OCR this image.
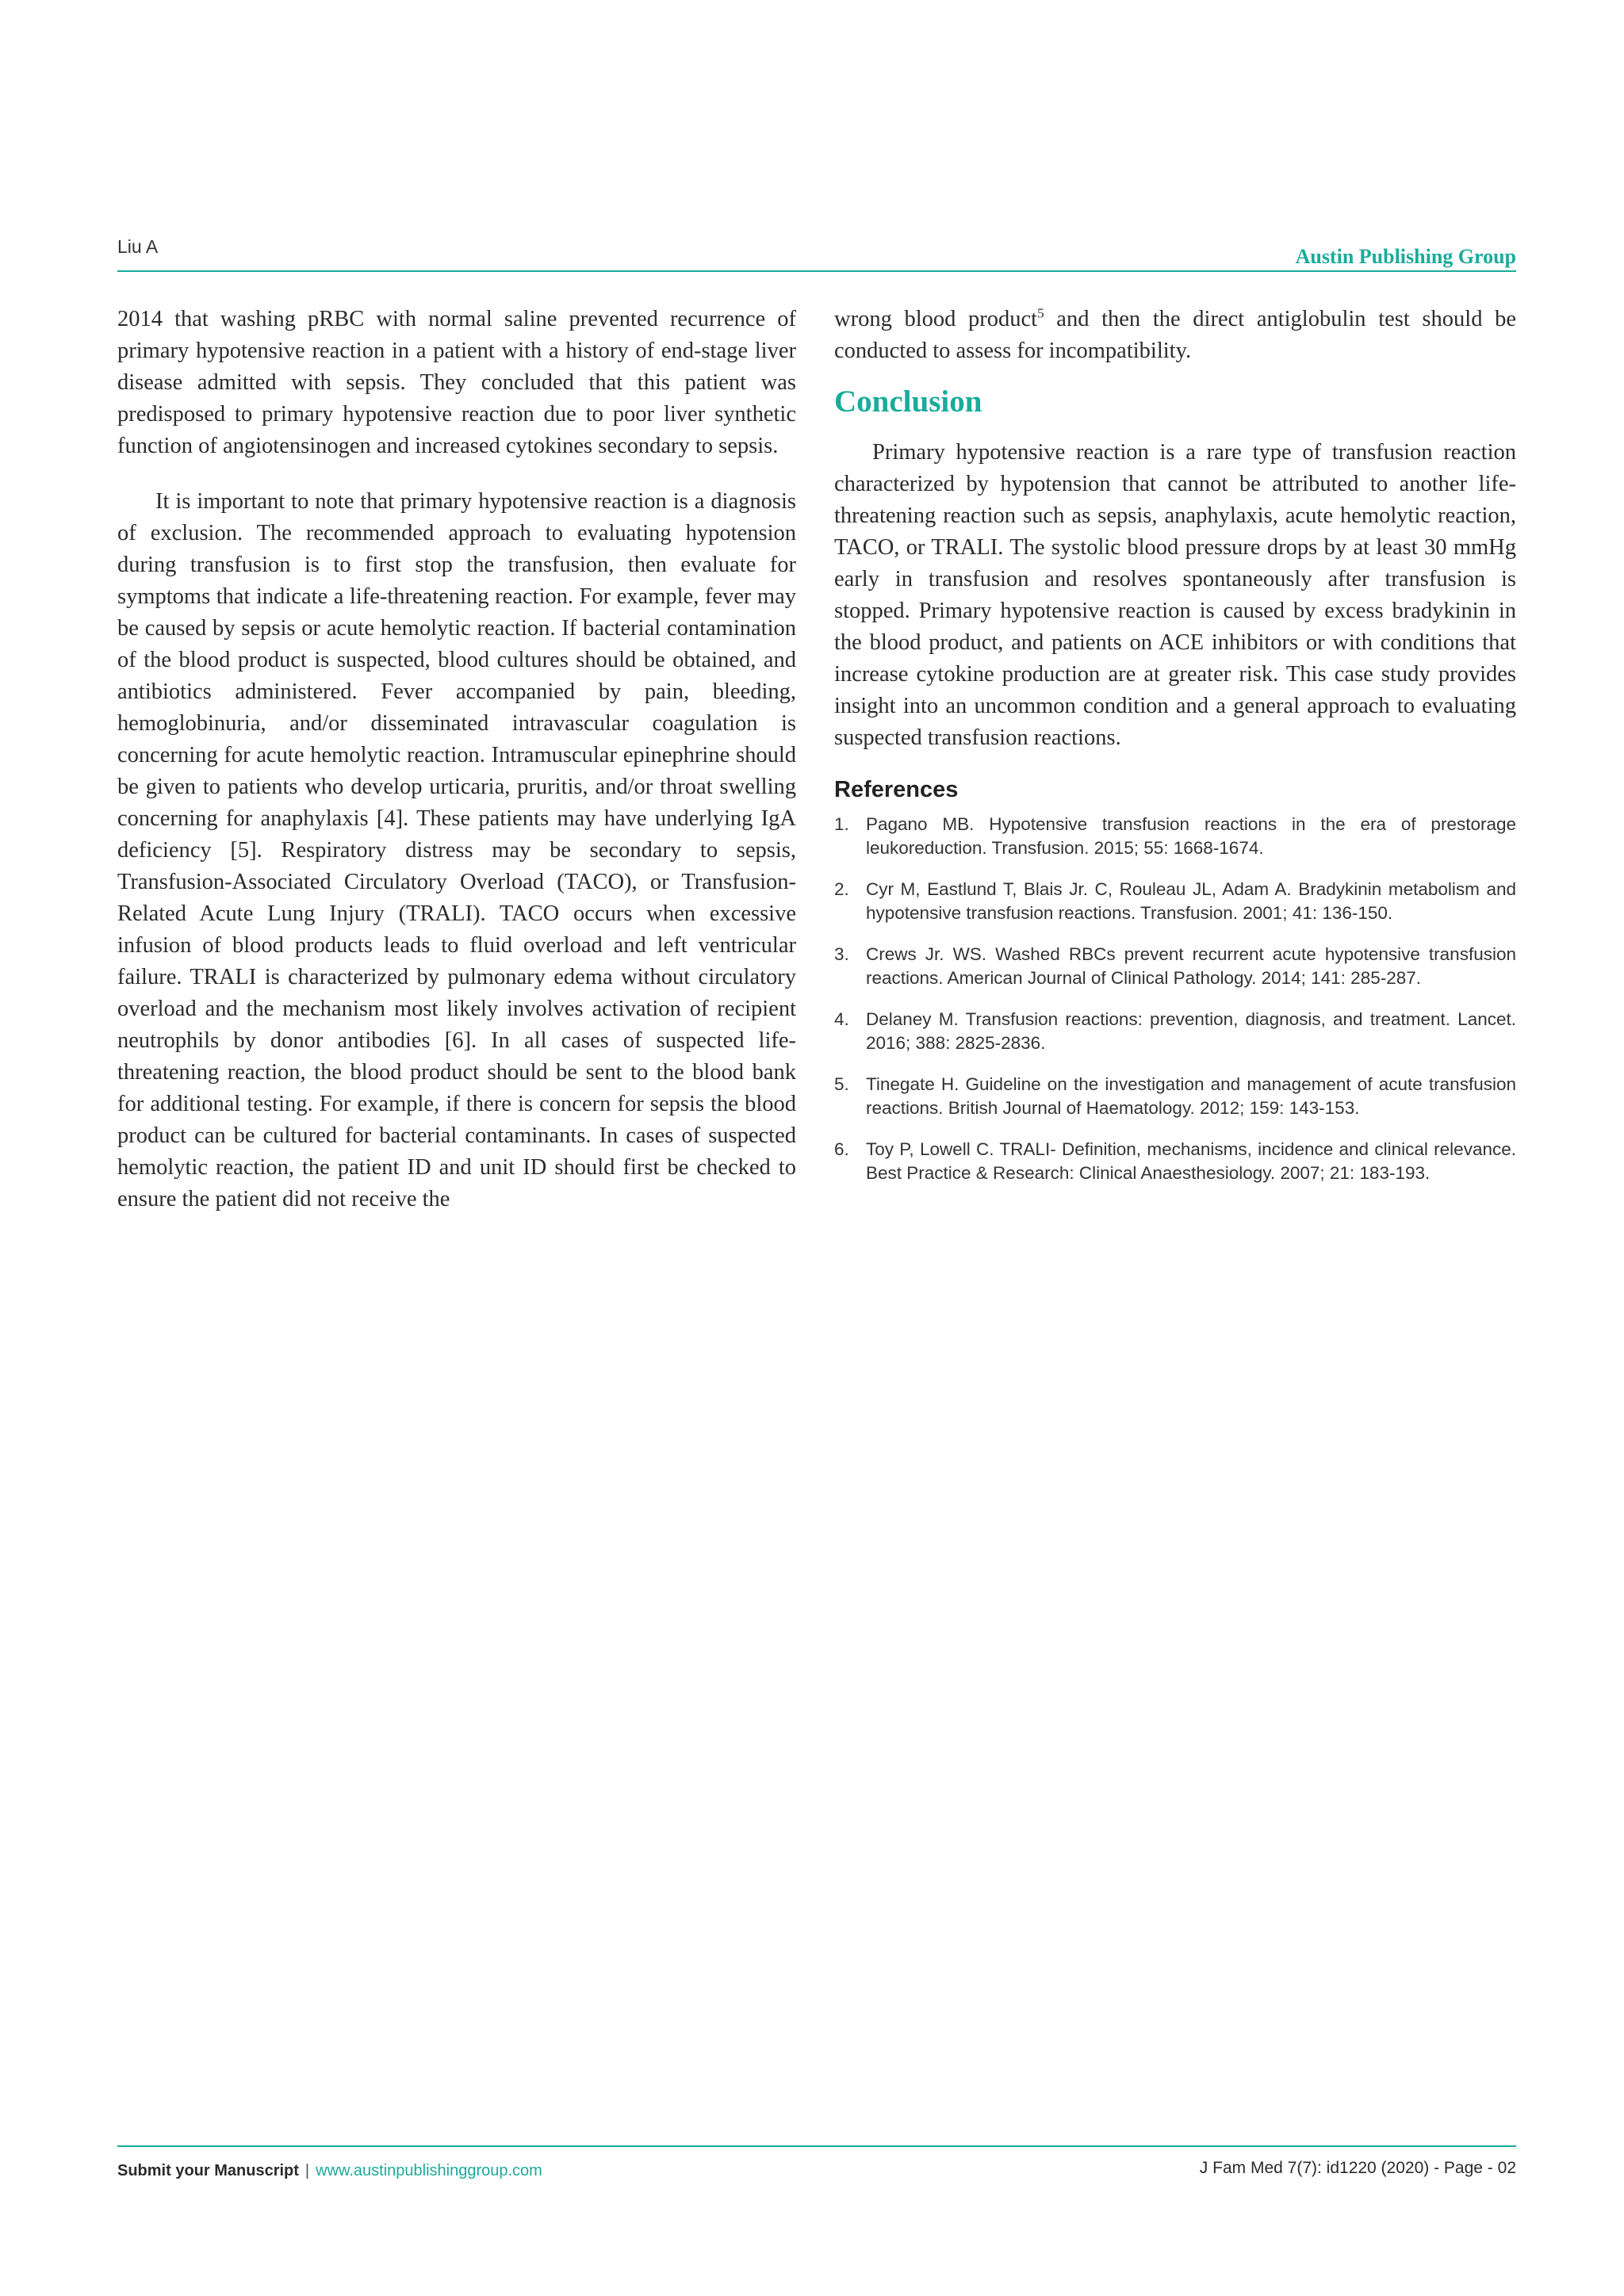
Liu A	Austin Publishing Group

2014 that washing pRBC with normal saline prevented recurrence of primary hypotensive reaction in a patient with a history of end-stage liver disease admitted with sepsis. They concluded that this patient was predisposed to primary hypotensive reaction due to poor liver synthetic function of angiotensinogen and increased cytokines secondary to sepsis.

It is important to note that primary hypotensive reaction is a diagnosis of exclusion. The recommended approach to evaluating hypotension during transfusion is to first stop the transfusion, then evaluate for symptoms that indicate a life-threatening reaction. For example, fever may be caused by sepsis or acute hemolytic reaction. If bacterial contamination of the blood product is suspected, blood cultures should be obtained, and antibiotics administered. Fever accompanied by pain, bleeding, hemoglobinuria, and/or disseminated intravascular coagulation is concerning for acute hemolytic reaction. Intramuscular epinephrine should be given to patients who develop urticaria, pruritis, and/or throat swelling concerning for anaphylaxis [4]. These patients may have underlying IgA deficiency [5]. Respiratory distress may be secondary to sepsis, Transfusion-Associated Circulatory Overload (TACO), or Transfusion-Related Acute Lung Injury (TRALI). TACO occurs when excessive infusion of blood products leads to fluid overload and left ventricular failure. TRALI is characterized by pulmonary edema without circulatory overload and the mechanism most likely involves activation of recipient neutrophils by donor antibodies [6]. In all cases of suspected life-threatening reaction, the blood product should be sent to the blood bank for additional testing. For example, if there is concern for sepsis the blood product can be cultured for bacterial contaminants. In cases of suspected hemolytic reaction, the patient ID and unit ID should first be checked to ensure the patient did not receive the

wrong blood product$^5$ and then the direct antiglobulin test should be conducted to assess for incompatibility.

Conclusion

Primary hypotensive reaction is a rare type of transfusion reaction characterized by hypotension that cannot be attributed to another life-threatening reaction such as sepsis, anaphylaxis, acute hemolytic reaction, TACO, or TRALI. The systolic blood pressure drops by at least 30 mmHg early in transfusion and resolves spontaneously after transfusion is stopped. Primary hypotensive reaction is caused by excess bradykinin in the blood product, and patients on ACE inhibitors or with conditions that increase cytokine production are at greater risk. This case study provides insight into an uncommon condition and a general approach to evaluating suspected transfusion reactions.

References
1. Pagano MB. Hypotensive transfusion reactions in the era of prestorage leukoreduction. Transfusion. 2015; 55: 1668-1674.
2. Cyr M, Eastlund T, Blais Jr. C, Rouleau JL, Adam A. Bradykinin metabolism and hypotensive transfusion reactions. Transfusion. 2001; 41: 136-150.
3. Crews Jr. WS. Washed RBCs prevent recurrent acute hypotensive transfusion reactions. American Journal of Clinical Pathology. 2014; 141: 285-287.
4. Delaney M. Transfusion reactions: prevention, diagnosis, and treatment. Lancet. 2016; 388: 2825-2836.
5. Tinegate H. Guideline on the investigation and management of acute transfusion reactions. British Journal of Haematology. 2012; 159: 143-153.
6. Toy P, Lowell C. TRALI- Definition, mechanisms, incidence and clinical relevance. Best Practice & Research: Clinical Anaesthesiology. 2007; 21: 183-193.
Submit your Manuscript | www.austinpublishinggroup.com	J Fam Med 7(7): id1220 (2020) - Page - 02
